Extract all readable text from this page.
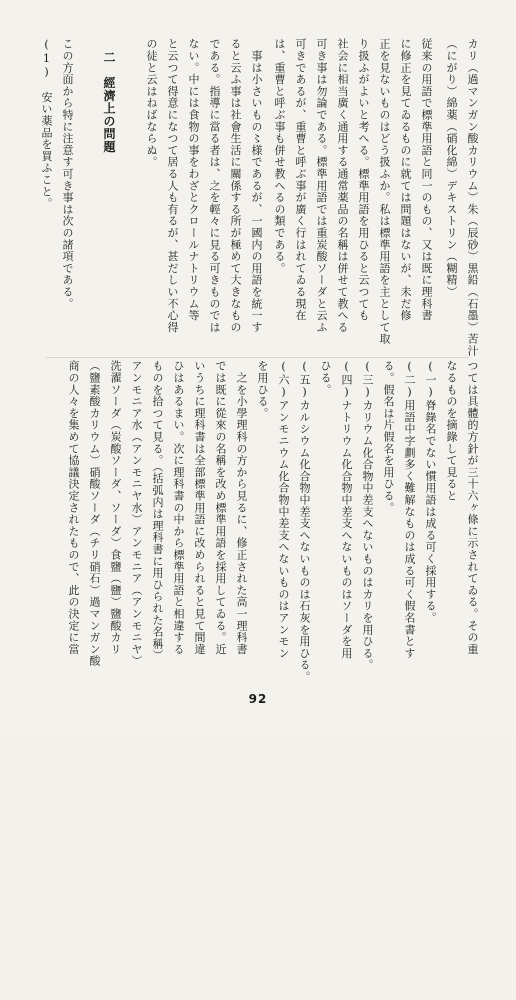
カリ（過マンガン酸カリウム）朱（辰砂）黒鉛（石墨）苦汁
（にがり）綿薬（硝化綿）デキストリン（糊精）
従来の用語で標準用語と同一のもの、又は既に理科書
に修正を見てゐるものに就ては問題はないが、未だ修
正を見ないものはどう扱ふか。私は標準用語を主として取
り扱ふがよいと考へる。標準用語を用ひると云つても
社会に相当廣く通用する通常薬品の名稱は併せて教へる
可き事は勿論である。標準用語では重炭酸ソーダと云ふ
可きであるが、重曹と呼ぶ事が廣く行はれてゐる現在
は、重曹と呼ぶ事も併せ教へるの類である。
　事は小さいもの〻様であるが、一國内の用語を統一す
ると云ふ事は社會生活に關係する所が極めて大きなもの
である。指導に當る者は、之を輕々に見る可きものでは
ない。中には食物の事をわざとクロールナトリウム等
と云つて得意になつて居る人も有るが、甚だしい不心得
の徒と云はねばならぬ。
　二　經濟上の問題
この方面から特に注意す可き事は次の諸項である。
(1)　安い薬品を買ふこと。
つては具體的方針が三十六ヶ條に示されてゐる。その重
なるものを摘錄して見ると
(一)脊錄名でない慣用語は成る可く採用する。
(二)用語中字劃多く難解なものは成る可く假名書とす
る。假名は片假名を用ひる。
(三)カリウム化合物中差支へないものはカリを用ひる。
(四)ナトリウム化合物中差支へないものはソーダを用
ひる。
(五)カルシウム化合物中差支へないものは石灰を用ひる。
(六)アンモニウム化合物中差支へないものはアンモン
を用ひる。
　之を小學理科の方から見るに、修正された高一理科書
では既に從來の名稱を改め標準用語を採用してゐる。近
いうちに理科書は全部標準用語に改められると見て間違
ひはあるまい。次に理科書の中から標準用語と相違する
ものを拾つて見る。（括弧内は理科書に用ひられた名稱）
アンモニア水（アンモニヤ水）アンモニア（アンモニヤ）
洗濯ソーダ（炭酸ソーダ、ソーダ）食鹽（鹽）鹽酸カリ
（鹽素酸カリウム）硝酸ソーダ（チリ硝石）過マンガン酸
商の人々を集めて協議決定されたもので、此の決定に當
92
